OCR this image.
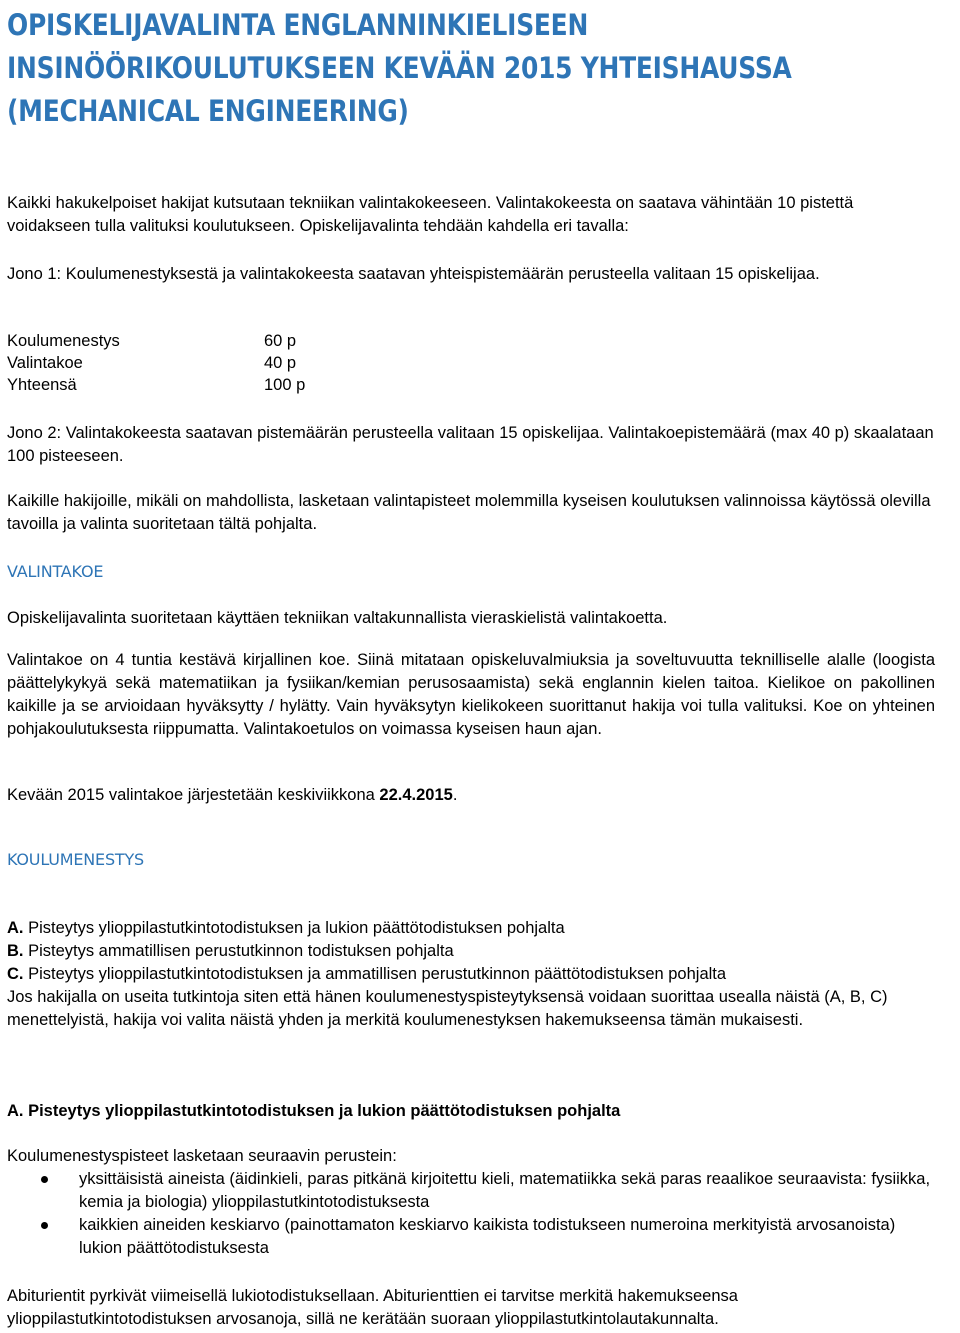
OPISKELIJAVALINTA ENGLANNINKIELISEEN
INSINÖÖRIKOULUTUKSEEN KEVÄÄN 2015 YHTEISHAUSSA
(MECHANICAL ENGINEERING)
Kaikki hakukelpoiset hakijat kutsutaan tekniikan valintakokeeseen. Valintakokeesta on saatava vähintään 10 pistettä voidakseen tulla valituksi koulutukseen. Opiskelijavalinta tehdään kahdella eri tavalla:
Jono 1: Koulumenestyksestä ja valintakokeesta saatavan yhteispistemäärän perusteella valitaan 15 opiskelijaa.
Koulumenestys	60 p
Valintakoe	40 p
Yhteensä	100 p
Jono 2: Valintakokeesta saatavan pistemäärän perusteella valitaan 15 opiskelijaa. Valintakoepistemäärä (max 40 p) skaalataan 100 pisteeseen.
Kaikille hakijoille, mikäli on mahdollista, lasketaan valintapisteet molemmilla kyseisen koulutuksen valinnoissa käytössä olevilla tavoilla ja valinta suoritetaan tältä pohjalta.
VALINTAKOE
Opiskelijavalinta suoritetaan käyttäen tekniikan valtakunnallista vieraskielistä valintakoetta.
Valintakoe on 4 tuntia kestävä kirjallinen koe. Siinä mitataan opiskeluvalmiuksia ja soveltuvuutta teknilliselle alalle (loogista päättelykykyä sekä matematiikan ja fysiikan/kemian perusosaamista) sekä englannin kielen taitoa. Kielikoe on pakollinen kaikille ja se arvioidaan hyväksytty / hylätty. Vain hyväksytyn kielikokeen suorittanut hakija voi tulla valituksi. Koe on yhteinen pohjakoulutuksesta riippumatta. Valintakoetulos on voimassa kyseisen haun ajan.
Kevään 2015 valintakoe järjestetään keskiviikkona 22.4.2015.
KOULUMENESTYS
A. Pisteytys ylioppilastutkintotodistuksen ja lukion päättötodistuksen pohjalta
B. Pisteytys ammatillisen perustutkinnon todistuksen pohjalta
C. Pisteytys ylioppilastutkintotodistuksen ja ammatillisen perustutkinnon päättötodistuksen pohjalta
Jos hakijalla on useita tutkintoja siten että hänen koulumenestyspisteytyksensä voidaan suorittaa usealla näistä (A, B, C) menettelyistä, hakija voi valita näistä yhden ja merkitä koulumenestyksen hakemukseensa tämän mukaisesti.
A. Pisteytys ylioppilastutkintotodistuksen ja lukion päättötodistuksen pohjalta
Koulumenestyspisteet lasketaan seuraavin perustein:
yksittäisistä aineista (äidinkieli, paras pitkänä kirjoitettu kieli, matematiikka sekä paras reaalikoe seuraavista: fysiikka, kemia ja biologia) ylioppilastutkintotodistuksesta
kaikkien aineiden keskiarvo (painottamaton keskiarvo kaikista todistukseen numeroina merkityistä arvosanoista) lukion päättötodistuksesta
Abiturientit pyrkivät viimeisellä lukiotodistuksellaan. Abiturienttien ei tarvitse merkitä hakemukseensa ylioppilastutkintotodistuksen arvosanoja, sillä ne kerätään suoraan ylioppilastutkintolautakunnalta.
